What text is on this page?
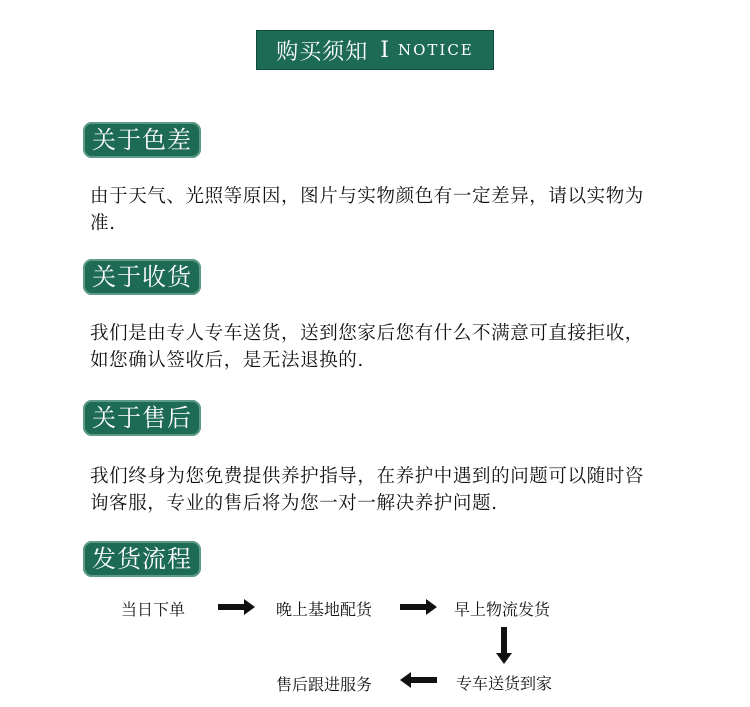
购买须知 I NOTICE
关于色差

由于天气、光照等原因，图片与实物颜色有一定差异，请以实物为准.

关于收货

我们是由专人专车送货，送到您家后您有什么不满意可直接拒收，如您确认签收后，是无法退换的.

关于售后

我们终身为您免费提供养护指导，在养护中遇到的问题可以随时咨询客服，专业的售后将为您一对一解决养护问题.

发货流程
当日下单	晚上基地配货	早上物流发货
专车送货到家
售后跟进服务
